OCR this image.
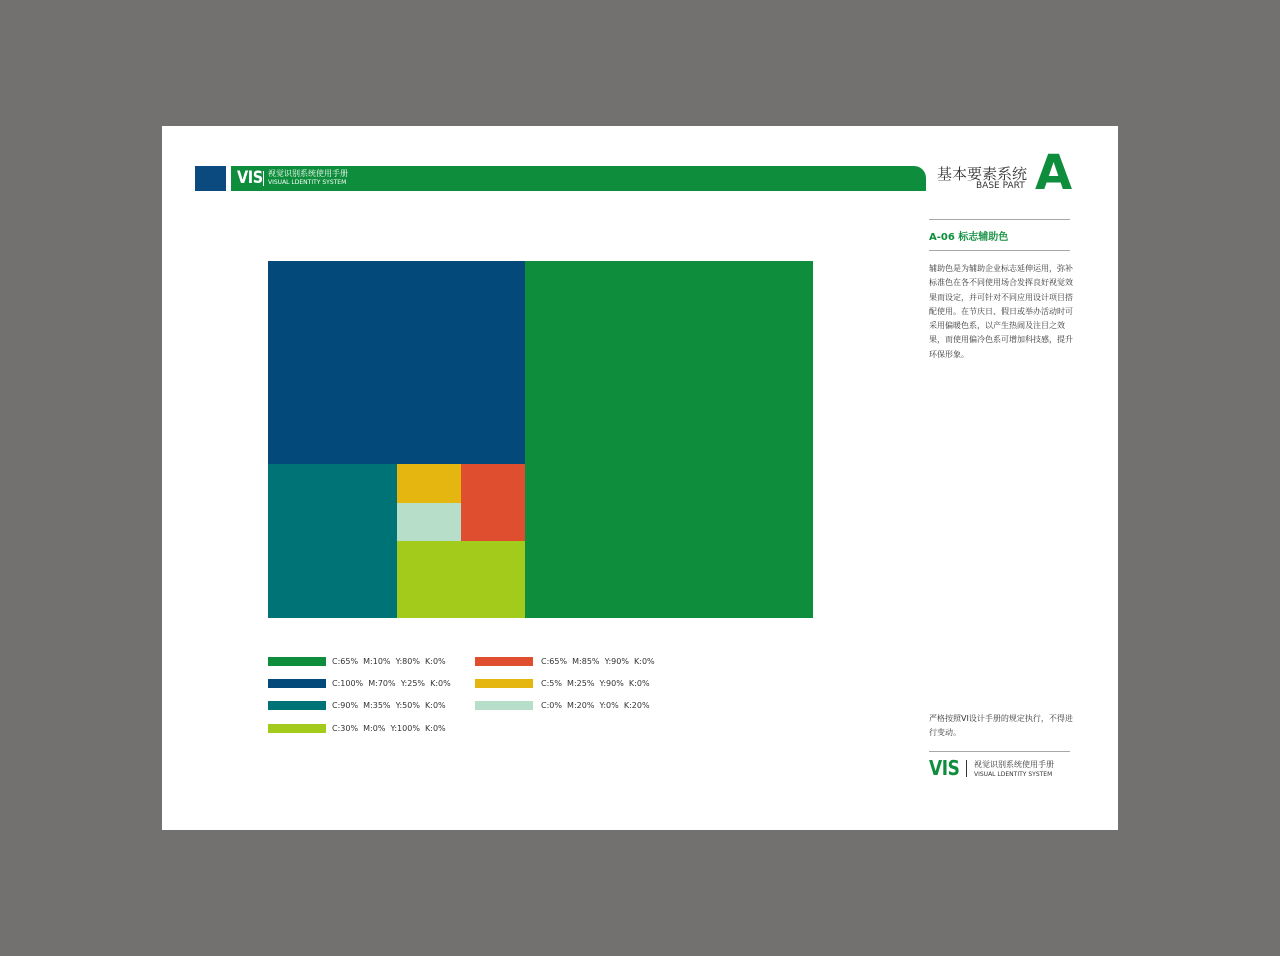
VIS 视觉识别系统使用手册
VISUAL LDENTITY SYSTEM	基本要素系统
BASE PART A
A-06 标志辅助色
辅助色是为辅助企业标志延伸运用，弥补标准色在各不同使用场合发挥良好视觉效果而设定，并可针对不同应用设计项目搭配使用。在节庆日、假日或举办活动时可采用偏暖色系，以产生热闹及注目之效果，而使用偏冷色系可增加科技感，提升环保形象。
C:65%  M:10%  Y:80%  K:0%
C:100%  M:70%  Y:25%  K:0%
C:90%  M:35%  Y:50%  K:0%
C:30%  M:0%  Y:100%  K:0%
C:65%  M:85%  Y:90%  K:0%
C:5%  M:25%  Y:90%  K:0%
C:0%  M:20%  Y:0%  K:20%
严格按照VI设计手册的规定执行，不得进行变动。
VIS 视觉识别系统使用手册
VISUAL LDENTITY SYSTEM
